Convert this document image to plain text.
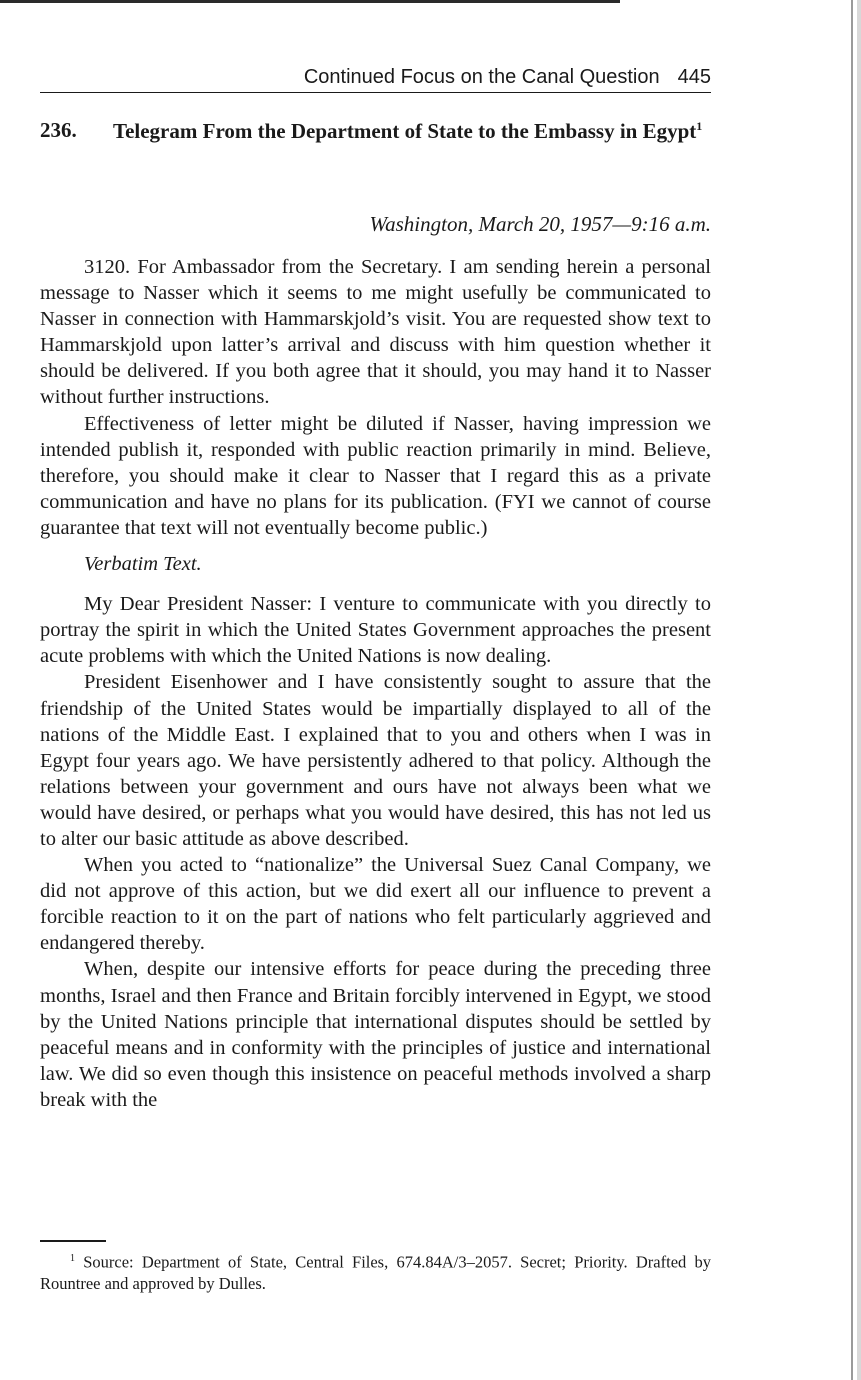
Continued Focus on the Canal Question 445
236. Telegram From the Department of State to the Embassy in Egypt$^1$
Washington, March 20, 1957—9:16 a.m.

3120. For Ambassador from the Secretary. I am sending herein a personal message to Nasser which it seems to me might usefully be communicated to Nasser in connection with Hammarskjold’s visit. You are requested show text to Hammarskjold upon latter’s arrival and discuss with him question whether it should be delivered. If you both agree that it should, you may hand it to Nasser without further instructions.

Effectiveness of letter might be diluted if Nasser, having impression we intended publish it, responded with public reaction primarily in mind. Believe, therefore, you should make it clear to Nasser that I regard this as a private communication and have no plans for its publication. (FYI we cannot of course guarantee that text will not eventually become public.)

Verbatim Text.

My Dear President Nasser: I venture to communicate with you directly to portray the spirit in which the United States Government approaches the present acute problems with which the United Nations is now dealing.

President Eisenhower and I have consistently sought to assure that the friendship of the United States would be impartially displayed to all of the nations of the Middle East. I explained that to you and others when I was in Egypt four years ago. We have persistently adhered to that policy. Although the relations between your government and ours have not always been what we would have desired, or perhaps what you would have desired, this has not led us to alter our basic attitude as above described.

When you acted to “nationalize” the Universal Suez Canal Company, we did not approve of this action, but we did exert all our influence to prevent a forcible reaction to it on the part of nations who felt particularly aggrieved and endangered thereby.

When, despite our intensive efforts for peace during the preceding three months, Israel and then France and Britain forcibly intervened in Egypt, we stood by the United Nations principle that international disputes should be settled by peaceful means and in conformity with the principles of justice and international law. We did so even though this insistence on peaceful methods involved a sharp break with the

$^1$ Source: Department of State, Central Files, 674.84A/3–2057. Secret; Priority. Drafted by Rountree and approved by Dulles.
